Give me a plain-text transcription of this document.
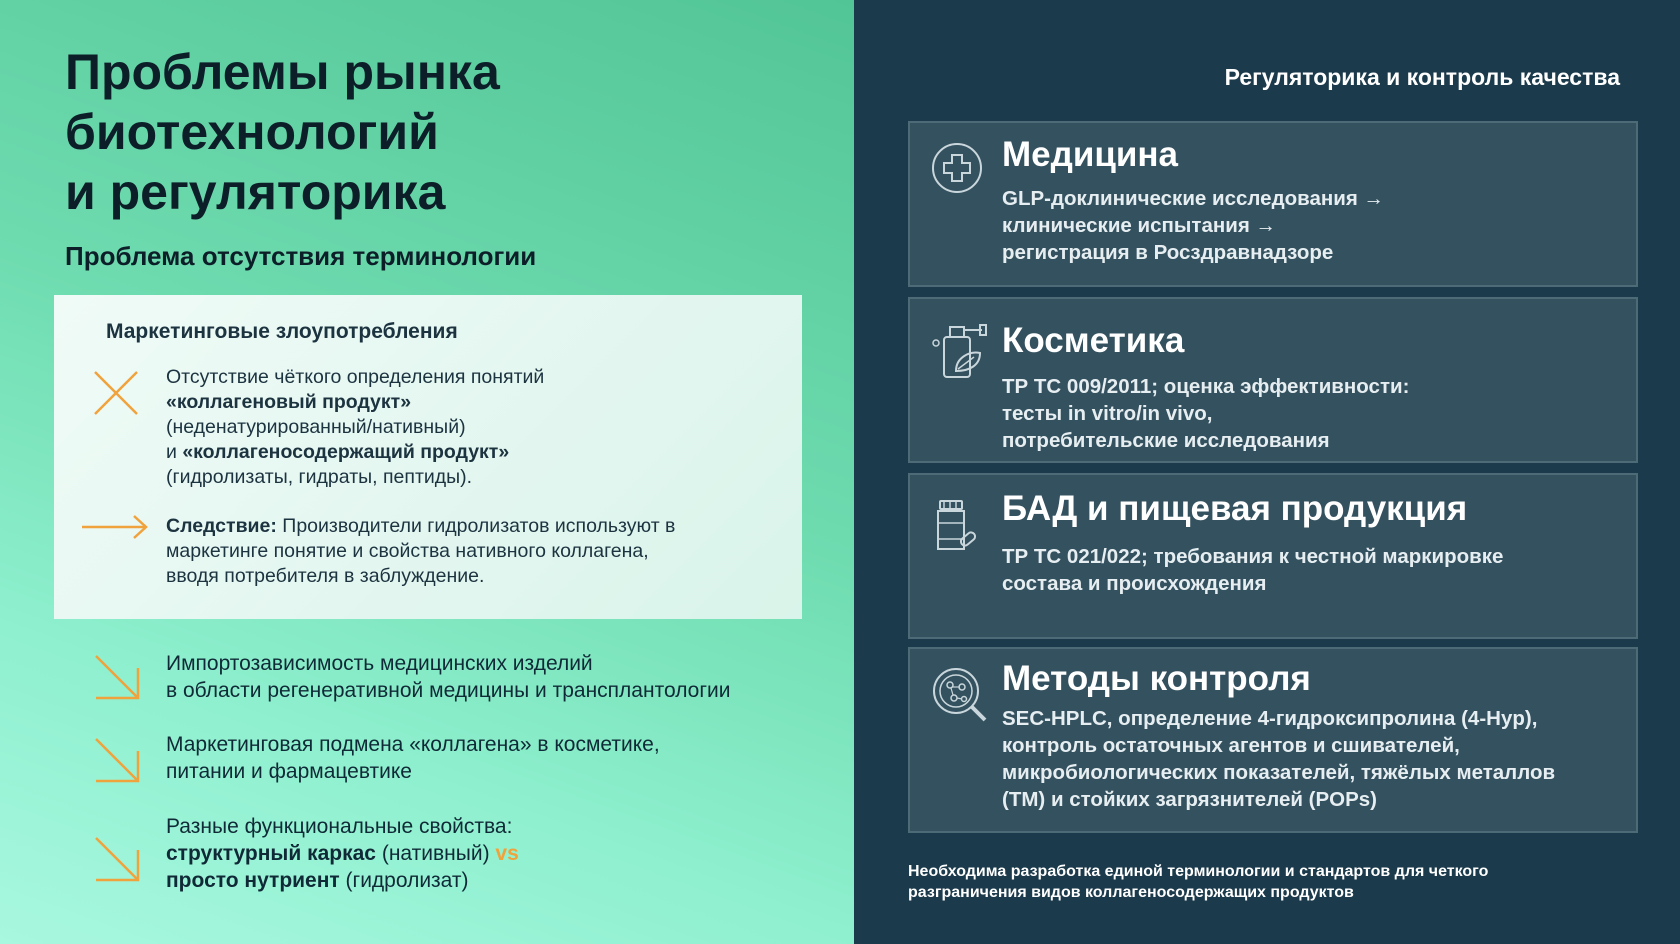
Проблемы рынка
биотехнологий
и регуляторика
Проблема отсутствия терминологии
Маркетинговые злоупотребления
Отсутствие чёткого определения понятий
«коллагеновый продукт»
(неденатурированный/нативный)
и «коллагеносодержащий продукт»
(гидролизаты, гидраты, пептиды).
Следствие: Производители гидролизатов используют в
маркетинге понятие и свойства нативного коллагена,
вводя потребителя в заблуждение.
Импортозависимость медицинских изделий
в области регенеративной медицины и трансплантологии
Маркетинговая подмена «коллагена» в косметике,
питании и фармацевтике
Разные функциональные свойства:
структурный каркас (нативный) vs
просто нутриент (гидролизат)
Регуляторика и контроль качества
Медицина
GLP-доклинические исследования →
клинические испытания →
регистрация в Росздравнадзоре
Косметика
ТР ТС 009/2011; оценка эффективности:
тесты in vitro/in vivo,
потребительские исследования
БАД и пищевая продукция
ТР ТС 021/022; требования к честной маркировке
состава и происхождения
Методы контроля
SEC-HPLC, определение 4-гидроксипролина (4-Hyp),
контроль остаточных агентов и сшивателей,
микробиологических показателей, тяжёлых металлов
(ТМ) и стойких загрязнителей (POPs)
Необходима разработка единой терминологии и стандартов для четкого
разграничения видов коллагеносодержащих продуктов
